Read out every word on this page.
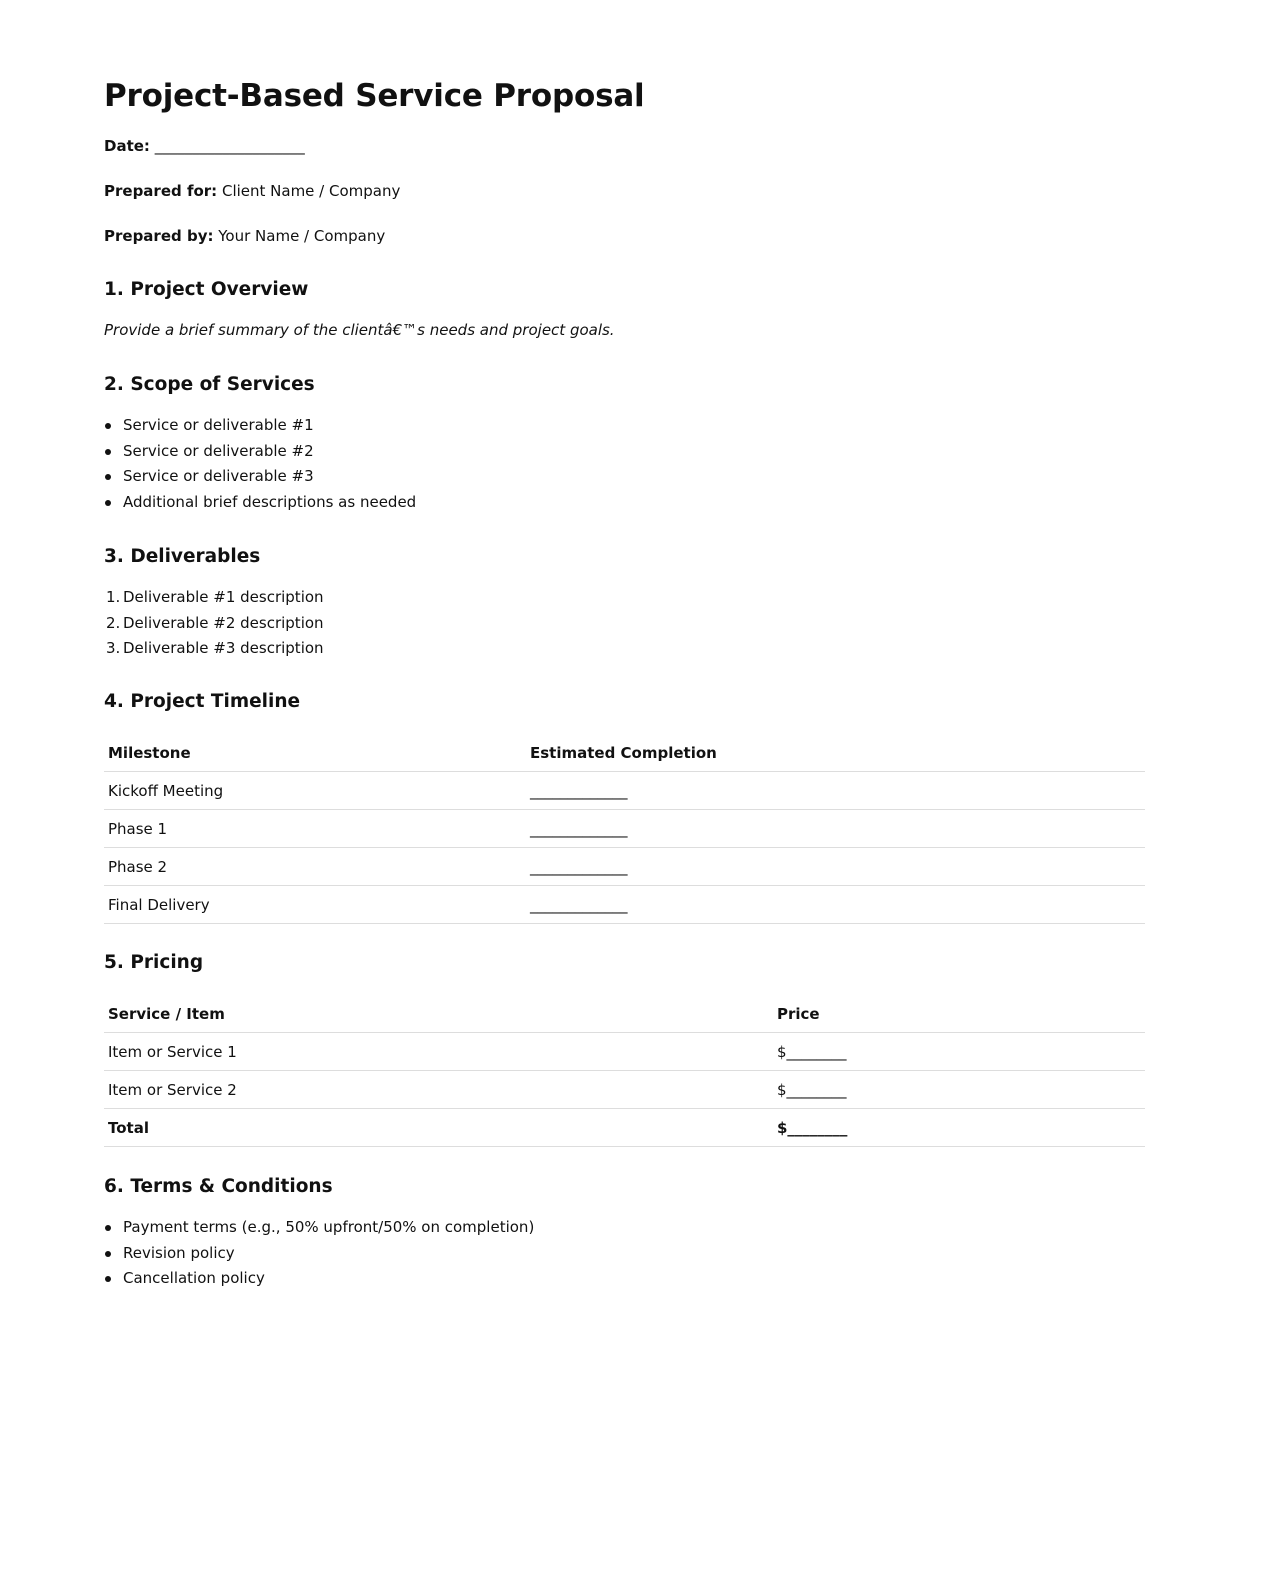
Project-Based Service Proposal
Date: ____________________
Prepared for: Client Name / Company
Prepared by: Your Name / Company
1. Project Overview
Provide a brief summary of the clientâ€™s needs and project goals.
2. Scope of Services
Service or deliverable #1
Service or deliverable #2
Service or deliverable #3
Additional brief descriptions as needed
3. Deliverables
1. Deliverable #1 description
2. Deliverable #2 description
3. Deliverable #3 description
4. Project Timeline
Milestone	Estimated Completion
Kickoff Meeting	_____________
Phase 1	_____________
Phase 2	_____________
Final Delivery	_____________
5. Pricing
Service / Item	Price
Item or Service 1	$________
Item or Service 2	$________
Total	$________
6. Terms & Conditions
Payment terms (e.g., 50% upfront/50% on completion)
Revision policy
Cancellation policy
